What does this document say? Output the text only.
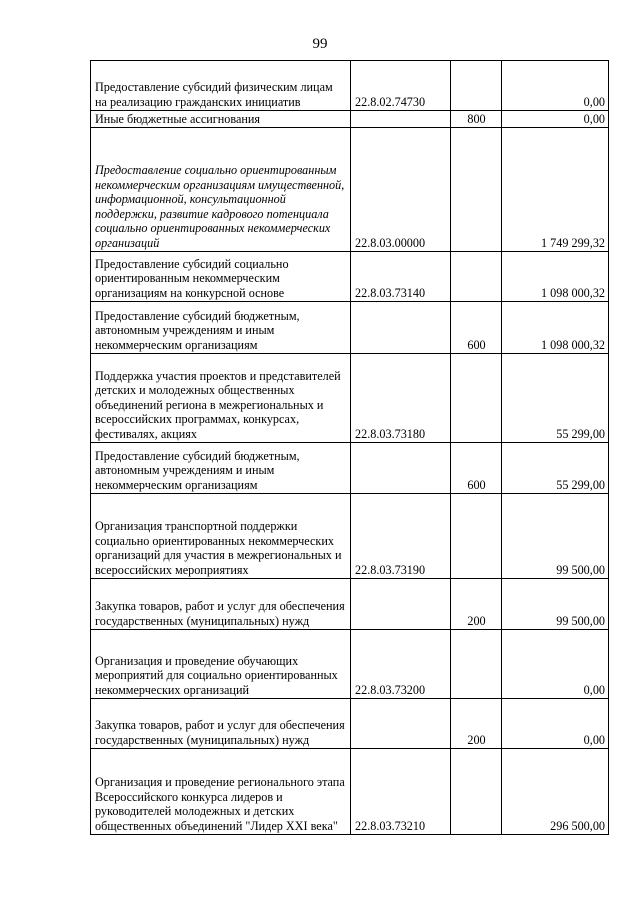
99
Предоставление субсидий физическим лицам на реализацию гражданских инициатив	22.8.02.74730		0,00
Иные бюджетные ассигнования		800	0,00
Предоставление социально ориентированным некоммерческим организациям имущественной, информационной, консультационной поддержки, развитие кадрового потенциала социально ориентированных некоммерческих организаций	22.8.03.00000		1 749 299,32
Предоставление субсидий социально ориентированным некоммерческим организациям на конкурсной основе	22.8.03.73140		1 098 000,32
Предоставление субсидий бюджетным, автономным учреждениям и иным некоммерческим организациям		600	1 098 000,32
Поддержка участия проектов и представителей детских и молодежных общественных объединений региона в межрегиональных и всероссийских программах, конкурсах, фестивалях, акциях	22.8.03.73180		55 299,00
Предоставление субсидий бюджетным, автономным учреждениям и иным некоммерческим организациям		600	55 299,00
Организация транспортной поддержки социально ориентированных некоммерческих организаций для участия в межрегиональных и всероссийских мероприятиях	22.8.03.73190		99 500,00
Закупка товаров, работ и услуг для обеспечения государственных (муниципальных) нужд		200	99 500,00
Организация и проведение обучающих мероприятий для социально ориентированных некоммерческих организаций	22.8.03.73200		0,00
Закупка товаров, работ и услуг для обеспечения государственных (муниципальных) нужд		200	0,00
Организация и проведение регионального этапа Всероссийского конкурса лидеров и руководителей молодежных и детских общественных объединений "Лидер XXI века"	22.8.03.73210		296 500,00
